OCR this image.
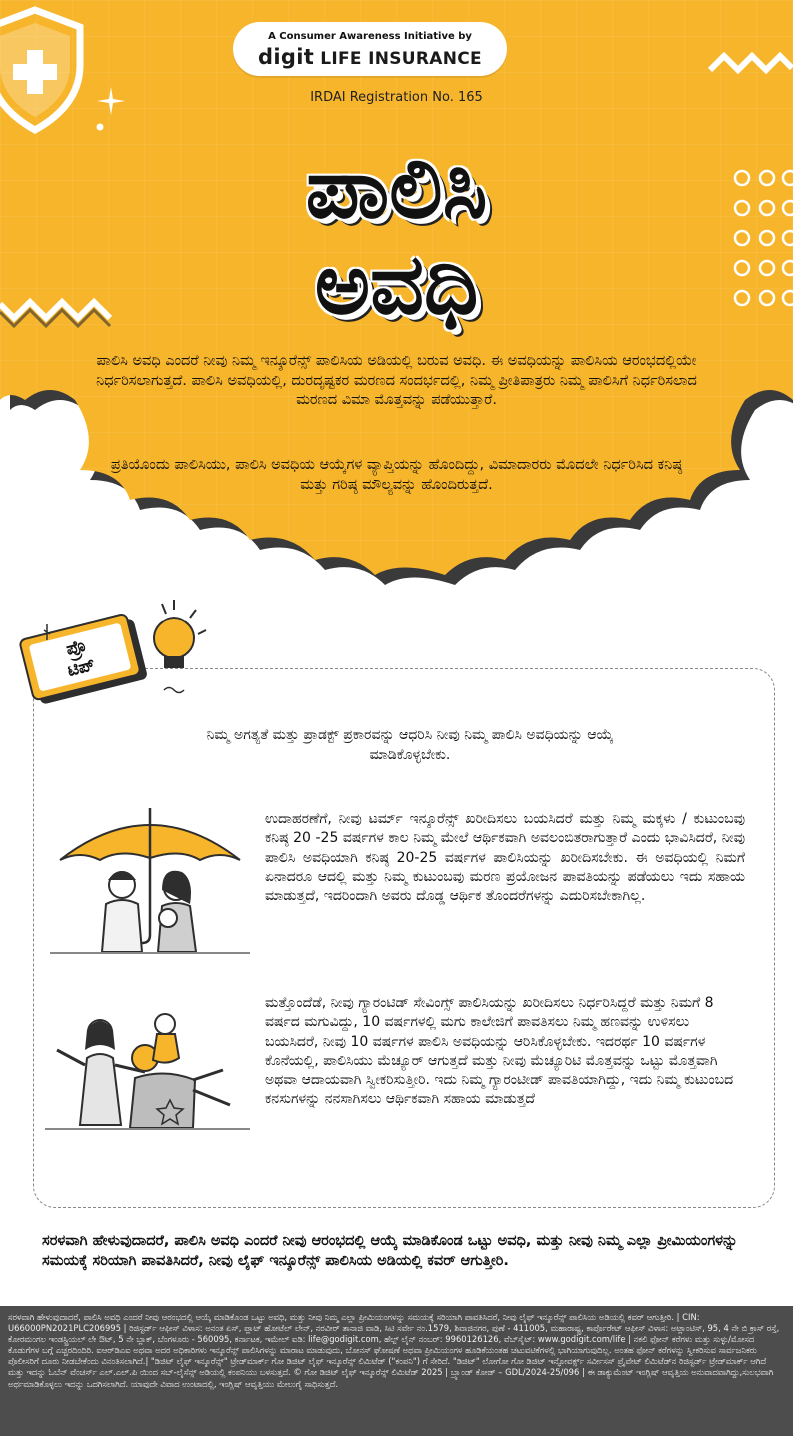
A Consumer Awareness Initiative by
digit LIFE INSURANCE
IRDAI Registration No. 165
ಪಾಲಿಸಿ
ಅವಧಿ
ಪಾಲಿಸಿ ಅವಧಿ ಎಂದರೆ ನೀವು ನಿಮ್ಮ ಇನ್ಶೂರೆನ್ಸ್ ಪಾಲಿಸಿಯ ಅಡಿಯಲ್ಲಿ ಬರುವ ಅವಧಿ. ಈ ಅವಧಿಯನ್ನು ಪಾಲಿಸಿಯ ಆರಂಭದಲ್ಲಿಯೇ ನಿರ್ಧರಿಸಲಾಗುತ್ತದೆ. ಪಾಲಿಸಿ ಅವಧಿಯಲ್ಲಿ, ದುರದೃಷ್ಟಕರ ಮರಣದ ಸಂದರ್ಭದಲ್ಲಿ, ನಿಮ್ಮ ಪ್ರೀತಿಪಾತ್ರರು ನಿಮ್ಮ ಪಾಲಿಸಿಗೆ ನಿರ್ಧರಿಸಲಾದ ಮರಣದ ವಿಮಾ ಮೊತ್ತವನ್ನು ಪಡೆಯುತ್ತಾರೆ.
ಪ್ರತಿಯೊಂದು ಪಾಲಿಸಿಯು, ಪಾಲಿಸಿ ಅವಧಿಯ ಆಯ್ಕೆಗಳ ವ್ಯಾಪ್ತಿಯನ್ನು ಹೊಂದಿದ್ದು, ವಿಮಾದಾರರು ಮೊದಲೇ ನಿರ್ಧರಿಸಿದ ಕನಿಷ್ಠ ಮತ್ತು ಗರಿಷ್ಠ ಮೌಲ್ಯವನ್ನು ಹೊಂದಿರುತ್ತದೆ.
ಪ್ರೊ
ಟಿಪ್
ನಿಮ್ಮ ಅಗತ್ಯತೆ ಮತ್ತು ಪ್ರಾಡಕ್ಟ್ ಪ್ರಕಾರವನ್ನು ಆಧರಿಸಿ ನೀವು ನಿಮ್ಮ ಪಾಲಿಸಿ ಅವಧಿಯನ್ನು ಆಯ್ಕೆ ಮಾಡಿಕೊಳ್ಳಬೇಕು.
ಉದಾಹರಣೆಗೆ, ನೀವು ಟರ್ಮ್ ಇನ್ಶೂರೆನ್ಸ್ ಖರೀದಿಸಲು ಬಯಸಿದರೆ ಮತ್ತು ನಿಮ್ಮ ಮಕ್ಕಳು / ಕುಟುಂಬವು ಕನಿಷ್ಠ 20 -25 ವರ್ಷಗಳ ಕಾಲ ನಿಮ್ಮ ಮೇಲೆ ಆರ್ಥಿಕವಾಗಿ ಅವಲಂಬಿತರಾಗುತ್ತಾರೆ ಎಂದು ಭಾವಿಸಿದರೆ, ನೀವು ಪಾಲಿಸಿ ಅವಧಿಯಾಗಿ ಕನಿಷ್ಠ 20-25 ವರ್ಷಗಳ ಪಾಲಿಸಿಯನ್ನು ಖರೀದಿಸಬೇಕು. ಈ ಅವಧಿಯಲ್ಲಿ ನಿಮಗೆ ಏನಾದರೂ ಆದಲ್ಲಿ ಮತ್ತು ನಿಮ್ಮ ಕುಟುಂಬವು ಮರಣ ಪ್ರಯೋಜನ ಪಾವತಿಯನ್ನು ಪಡೆಯಲು ಇದು ಸಹಾಯ ಮಾಡುತ್ತದೆ, ಇದರಿಂದಾಗಿ ಅವರು ದೊಡ್ಡ ಆರ್ಥಿಕ ತೊಂದರೆಗಳನ್ನು ಎದುರಿಸಬೇಕಾಗಿಲ್ಲ.
ಮತ್ತೊಂದೆಡೆ, ನೀವು ಗ್ಯಾರಂಟಿಡ್ ಸೇವಿಂಗ್ಸ್ ಪಾಲಿಸಿಯನ್ನು ಖರೀದಿಸಲು ನಿರ್ಧರಿಸಿದ್ದರೆ ಮತ್ತು ನಿಮಗೆ 8 ವರ್ಷದ ಮಗುವಿದ್ದು, 10 ವರ್ಷಗಳಲ್ಲಿ ಮಗು ಕಾಲೇಜಿಗೆ ಪಾವತಿಸಲು ನಿಮ್ಮ ಹಣವನ್ನು ಉಳಿಸಲು ಬಯಸಿದರೆ, ನೀವು 10 ವರ್ಷಗಳ ಪಾಲಿಸಿ ಅವಧಿಯನ್ನು ಆರಿಸಿಕೊಳ್ಳಬೇಕು. ಇದರರ್ಥ 10 ವರ್ಷಗಳ ಕೊನೆಯಲ್ಲಿ, ಪಾಲಿಸಿಯು ಮೆಚ್ಯೂರ್ ಆಗುತ್ತದೆ ಮತ್ತು ನೀವು ಮೆಚ್ಯೂರಿಟಿ ಮೊತ್ತವನ್ನು ಒಟ್ಟು ಮೊತ್ತವಾಗಿ ಅಥವಾ ಆದಾಯವಾಗಿ ಸ್ವೀಕರಿಸುತ್ತೀರಿ. ಇದು ನಿಮ್ಮ ಗ್ಯಾರಂಟೀಡ್ ಪಾವತಿಯಾಗಿದ್ದು, ಇದು ನಿಮ್ಮ ಕುಟುಂಬದ ಕನಸುಗಳನ್ನು ನನಸಾಗಿಸಲು ಆರ್ಥಿಕವಾಗಿ ಸಹಾಯ ಮಾಡುತ್ತದೆ
ಸರಳವಾಗಿ ಹೇಳುವುದಾದರೆ, ಪಾಲಿಸಿ ಅವಧಿ ಎಂದರೆ ನೀವು ಆರಂಭದಲ್ಲಿ ಆಯ್ಕೆ ಮಾಡಿಕೊಂಡ ಒಟ್ಟು ಅವಧಿ, ಮತ್ತು ನೀವು ನಿಮ್ಮ ಎಲ್ಲಾ ಪ್ರೀಮಿಯಂಗಳನ್ನು ಸಮಯಕ್ಕೆ ಸರಿಯಾಗಿ ಪಾವತಿಸಿದರೆ, ನೀವು ಲೈಫ್ ಇನ್ಶೂರೆನ್ಸ್ ಪಾಲಿಸಿಯ ಅಡಿಯಲ್ಲಿ ಕವರ್ ಆಗುತ್ತೀರಿ.
ಸರಳವಾಗಿ ಹೇಳುವುದಾದರೆ, ಪಾಲಿಸಿ ಅವಧಿ ಎಂದರೆ ನೀವು ಆರಂಭದಲ್ಲಿ ಆಯ್ಕೆ ಮಾಡಿಕೊಂಡ ಒಟ್ಟು ಅವಧಿ, ಮತ್ತು ನೀವು ನಿಮ್ಮ ಎಲ್ಲಾ ಪ್ರೀಮಿಯಂಗಳನ್ನು ಸಮಯಕ್ಕೆ ಸರಿಯಾಗಿ ಪಾವತಿಸಿದರೆ, ನೀವು ಲೈಫ್ ಇನ್ಶೂರೆನ್ಸ್ ಪಾಲಿಸಿಯ ಅಡಿಯಲ್ಲಿ ಕವರ್ ಆಗುತ್ತೀರಿ. | CIN: U66000PN2021PLC206995 | ರಿಜಿಸ್ಟರ್ಡ್ ಆಫೀಸ್ ವಿಳಾಸ: ಅನಂತ ಏಸ್, ಪ್ಲಾಟ್ ಹೋಟೆಲ್ ಲೇನ್, ನರವೀರ್ ತಾನಾಜಿ ವಾಡಿ, ಸಿಟಿ ಸರ್ವೇ ನಂ.1579, ಶಿವಾಜಿನಗರ, ಪುಣೆ - 411005, ಮಹಾರಾಷ್ಟ್ರ, ಕಾರ್ಪೊರೇಟ್ ಆಫೀಸ್ ವಿಳಾಸ: ಅಟ್ಲಾಂಟಿಸ್, 95, 4 ನೇ ಬಿ ಕ್ರಾಸ್ ರಸ್ತೆ, ಕೋರಮಂಗಲ ಇಂಡಸ್ಟ್ರಿಯಲ್ ಲೇ ಔಟ್, 5 ನೇ ಬ್ಲಾಕ್, ಬೆಂಗಳೂರು - 560095, ಕರ್ನಾಟಕ, ಇಮೇಲ್ ಐಡಿ: life@godigit.com, ಹೆಲ್ಪ್ ಲೈನ್ ನಂಬರ್: 9960126126, ವೆಬ್‌ಸೈಟ್: www.godigit.com/life | ನಕಲಿ ಫೋನ್ ಕರೆಗಳು ಮತ್ತು ಸುಳ್ಳು/ಮೋಸದ ಕೊಡುಗೆಗಳ ಬಗ್ಗೆ ಎಚ್ಚರದಿಂದಿರಿ. ಐಆರ್‌ಡಿಎಐ ಅಥವಾ ಅದರ ಅಧಿಕಾರಿಗಳು ಇನ್ಶೂರೆನ್ಸ್ ಪಾಲಿಸಿಗಳನ್ನು ಮಾರಾಟ ಮಾಡುವುದು, ಬೋನಸ್ ಘೋಷಣೆ ಅಥವಾ ಪ್ರೀಮಿಯಂಗಳ ಹೂಡಿಕೆಯಂತಹ ಚಟುವಟಿಕೆಗಳಲ್ಲಿ ಭಾಗಿಯಾಗುವುದಿಲ್ಲ. ಅಂತಹ ಫೋನ್ ಕರೆಗಳನ್ನು ಸ್ವೀಕರಿಸುವ ಸಾರ್ವಜನಿಕರು ಪೊಲೀಸರಿಗೆ ದೂರು ನೀಡಬೇಕೆಂದು ವಿನಂತಿಸಲಾಗಿದೆ.| "ಡಿಜಿಟ್ ಲೈಫ್ ಇನ್ಶೂರೆನ್ಸ್" ಟ್ರೇಡ್‌ಮಾರ್ಕ್ ಗೋ ಡಿಜಿಟ್ ಲೈಫ್ ಇನ್ಶೂರೆನ್ಸ್ ಲಿಮಿಟೆಡ್ ("ಕಂಪನಿ") ಗೆ ಸೇರಿದೆ. "ಡಿಜಿಟ್" ಲೋಗೋ ಗೋ ಡಿಜಿಟ್ ಇನ್ಫೋವರ್ಕ್ಸ್ ಸರ್ವೀಸಸ್ ಪ್ರೈವೇಟ್ ಲಿಮಿಟೆಡ್‌ನ ರಿಜಿಸ್ಟರ್ಡ್ ಟ್ರೇಡ್‌ಮಾರ್ಕ್ ಆಗಿದೆ ಮತ್ತು ಇದನ್ನು ಓಬೆನ್ ವೆಂಚರ್ಸ್ ಎಲ್.ಎಲ್.ಪಿ ಯಿಂದ ಸಬ್-ಲೈಸೆನ್ಸ್ ಅಡಿಯಲ್ಲಿ ಕಂಪನಿಯು ಬಳಸುತ್ತದೆ. © ಗೋ ಡಿಜಿಟ್ ಲೈಫ್ ಇನ್ಶೂರೆನ್ಸ್ ಲಿಮಿಟೆಡ್ 2025 | ಬ್ರ್ಯಾಂಡ್ ಕೋಡ್ – GDL/2024-25/096 | ಈ ಡಾಕ್ಯುಮೆಂಟ್ ಇಂಗ್ಲಿಷ್ ಆವೃತ್ತಿಯ ಅನುವಾದವಾಗಿದ್ದು,ಸುಲಭವಾಗಿ ಅರ್ಥಮಾಡಿಕೊಳ್ಳಲು ಇದನ್ನು ಒದಗಿಸಲಾಗಿದೆ. ಯಾವುದೇ ವಿವಾದ ಉಂಟಾದಲ್ಲಿ, ಇಂಗ್ಲಿಷ್ ಆವೃತ್ತಿಯು ಮೇಲುಗೈ ಸಾಧಿಸುತ್ತದೆ.
